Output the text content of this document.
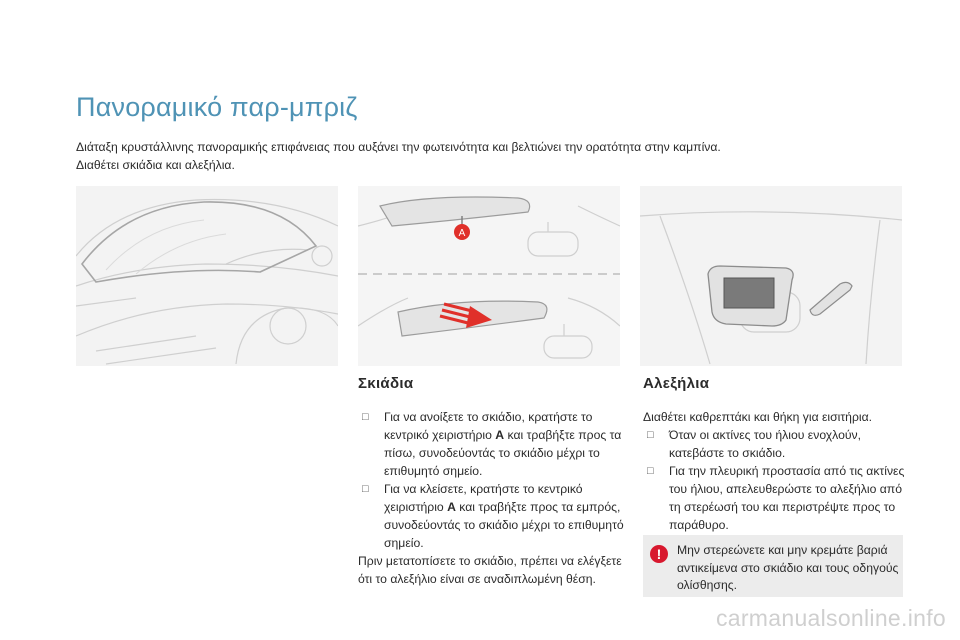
Πανοραμικό παρ-μπριζ

Διάταξη κρυστάλλινης πανοραμικής επιφάνειας που αυξάνει την φωτεινότητα και βελτιώνει την ορατότητα στην καμπίνα.

Διαθέτει σκιάδια και αλεξήλια.

A
Σκιάδια
□ Για να ανοίξετε το σκιάδιο, κρατήστε το κεντρικό χειριστήριο A και τραβήξτε προς τα πίσω, συνοδεύοντάς το σκιάδιο μέχρι το επιθυμητό σημείο.
□ Για να κλείσετε, κρατήστε το κεντρικό χειριστήριο A και τραβήξτε προς τα εμπρός, συνοδεύοντάς το σκιάδιο μέχρι το επιθυμητό σημείο.

Πριν μετατοπίσετε το σκιάδιο, πρέπει να ελέγξετε ότι το αλεξήλιο είναι σε αναδιπλωμένη θέση.

Αλεξήλια

Διαθέτει καθρεπτάκι και θήκη για εισιτήρια.

□ Όταν οι ακτίνες του ήλιου ενοχλούν, κατεβάστε το σκιάδιο.
□ Για την πλευρική προστασία από τις ακτίνες του ήλιου, απελευθερώστε το αλεξήλιο από τη στερέωσή του και περιστρέψτε προς το παράθυρο.
! Μην στερεώνετε και μην κρεμάτε βαριά αντικείμενα στο σκιάδιο και τους οδηγούς ολίσθησης.
carmanualsonline.info
